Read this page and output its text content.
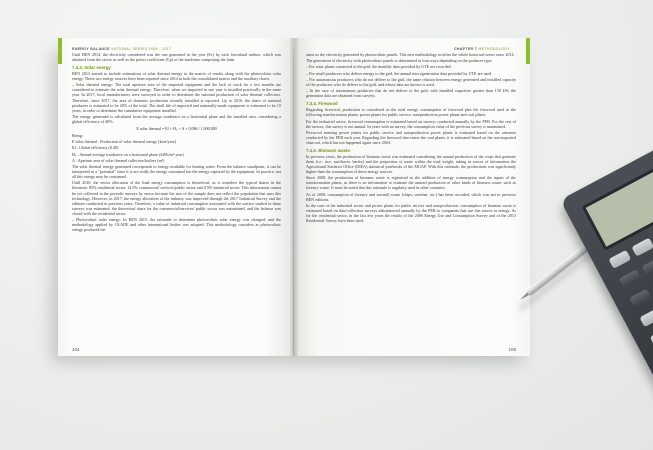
ENERGY BALANCE NATIONAL SERIES 1989 - 2017

Until BEN 2014, the electricity considered was the one generated in the year (Ec) by each forestland turbine, which was obtained from the sector as well as the power coefficient (Cp) of the machines comprising the farm.

7.4.2. Solar energy

BEN 2013 started to include estimations of solar thermal energy in the matrix of results along with the photovoltaic solar energy. These two energy sources have been reported since 2014 in both the consolidated matrix and the auxiliary charts.

– Solar thermal energy: The total aperture area of the imported equipment and the lack of stock for a few months are considered to estimate the solar thermal energy. Therefore, when we imported in one year is installed practically in the same year. In 2017, local manufacturers were surveyed in order to determine the national production of solar thermal collectors. Therefore, since 2017, the area of domestic production actually installed is reported. Up to 2016, the share of national producers is estimated to be 20% of the total. The shelf life of imported and nationally-made equipment is estimated to be 15 years, in order to determine the cumulative equipment installed.

The energy generated is calculated from the average irradiance on a horizontal plane and the installed area, considering a global efficiency of 40%:

E solar thermal = Ef × Hₛ × A × 0,086 / 1,000,000

Being:

E solar thermal : Production of solar thermal energy (ktoe/year)

Ef : Global efficiency (0.40)

Hₛ : Annual average irradiance on a horizontal plane (kWh/m²·year)

A : Aperture area of solar thermal collectors/boilers (m²)

The solar thermal energy generated corresponds to energy available for heating water. From the balance standpoint, it can be interpreted as a "potential" since it is not really the energy consumed but the energy captured by the equipment. In practice, not all this energy may be consumed.

Until 2016, the sector allocation of the final energy consumption is theoretical, as it considers the typical shares in the literature: 85% residential sector, 14.5% commercial/ services/public sector and 0.5% industrial sector. This information cannot be yet collected in the periodic surveys by sector because the size of the sample does not reflect the population that uses this technology. However, in 2017, the energy allocation of the industry was improved through the 2017 Industrial Survey and the editions conducted in previous years. Therefore, a value of industrial consumption associated with the surface studied in these surveys was estimated, the theoretical share for the commercial/services/ public sector was maintained, and the balance was closed with the residential sector.

– Photovoltaic solar energy: In BEN 2015, the rationale to determine photovoltaic solar energy was changed, and the methodology applied by OLADE and other international bodies was adopted. This methodology considers as photovoltaic energy produced the

104
CHAPTER 7 METHODOLOGY

same as the electricity generated by photovoltaic panels. This new methodology rectifies the whole historical series since 2014.

The generation of electricity with photovoltaic panels is determined in four ways depending on the producer type:

– For solar plants connected to the grid, the monthly data provided by UTE are recorded.

– For small producers who deliver energy to the grid, the annual microgeneration data provided by UTE are used.

– For autonomous producers who do not deliver to the grid, the same relation between energy generated and installed capacity of the producers who do deliver to the grid, and whose data are known is used.

– In the case of autonomous producers that do not deliver to the grid, with installed capacities greater than 150 kW, the generation data are obtained from surveys.

7.4.4. Firewood

Regarding firewood, production is considered as the total energy consumption of firewood plus the firewood used in the following transformation plants: power plants for public service, autoproduction power plants and coal plants.

For the industrial sector, firewood consumption is estimated based on surveys conducted annually by the PEB. For the rest of the sectors, this survey is not annual. In years with no survey, the consumption value of the previous survey is maintained.

Firewood entering power plants for public service and autoproduction power plants is estimated based on the censuses conducted by the PEB each year. Regarding the firewood that enters the coal plants, it is estimated based on the non-imported charcoal, which has not happened again since 2004.

7.4.5. Biomass waste

In previous years, the production of biomass waste was estimated considering the annual production of the crops that generate them (i.e.: rice, sunflower, barley) and the proportion of waste within the total weight, taking as source of information the Agricultural Statistics Office (DIEA) statistical yearbooks of the MGAP. With this rationale, the productions was significantly higher than the consumption of these energy sources.

Since 2008, the production of biomass waste is registered as the addition of energy consumption and the inputs of the transformation plants, as there is no information to estimate the unused production of other kinds of biomass waste, such as forestry waste. It must be noted that this rationale is regularly used in other countries.

As of 2008, consumption of forestry and sawmill waste (chips, sawdust, etc.) has been recorded, which was not in previous BEN editions.

In the case of the industrial sector and power plants for public service and autoproduction, consumption of biomass waste is estimated based on data-collection surveys administered annually by the PEB to companies that use this source as energy. As for the residential sector, in the last few years the results of the 2006 Energy Use and Consumption Survey and of the 2013 Residential Survey have been used.

105
